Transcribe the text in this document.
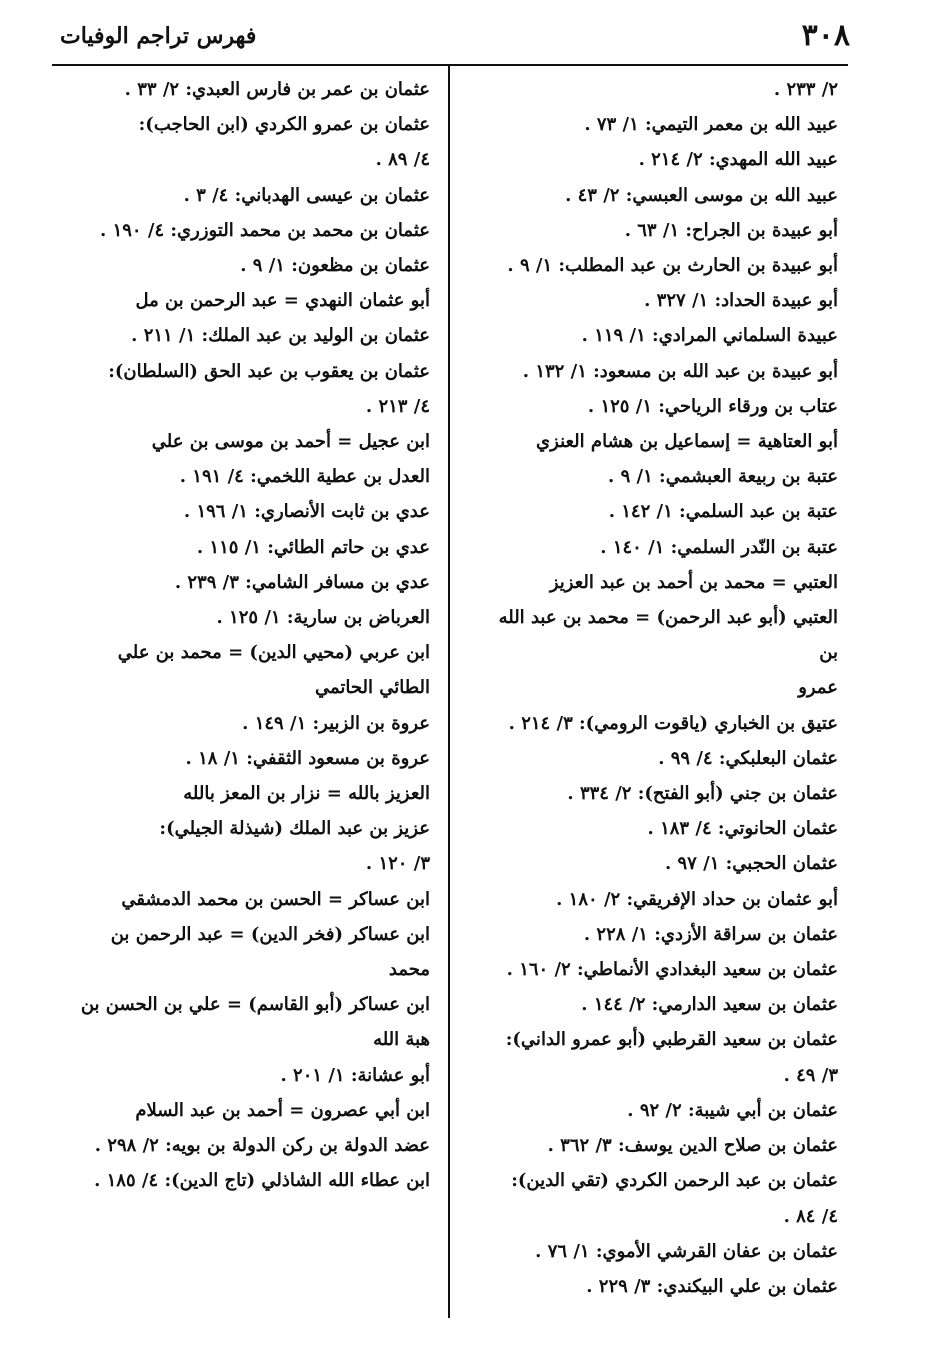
٣٠٨
فهرس تراجم الوفيات
٢/ ٢٣٣ .
عبيد الله بن معمر التيمي: ١/ ٧٣ .
عبيد الله المهدي: ٢/ ٢١٤ .
عبيد الله بن موسى العبسي: ٢/ ٤٣ .
أبو عبيدة بن الجراح: ١/ ٦٣ .
أبو عبيدة بن الحارث بن عبد المطلب: ١/ ٩ .
أبو عبيدة الحداد: ١/ ٣٢٧ .
عبيدة السلماني المرادي: ١/ ١١٩ .
أبو عبيدة بن عبد الله بن مسعود: ١/ ١٣٢ .
عتاب بن ورقاء الرياحي: ١/ ١٢٥ .
أبو العتاهية = إسماعيل بن هشام العنزي
عتبة بن ربيعة العبشمي: ١/ ٩ .
عتبة بن عبد السلمي: ١/ ١٤٢ .
عتبة بن النّدر السلمي: ١/ ١٤٠ .
العتبي = محمد بن أحمد بن عبد العزيز
العتبي (أبو عبد الرحمن) = محمد بن عبد الله بن
عمرو
عتيق بن الخباري (ياقوت الرومي): ٣/ ٢١٤ .
عثمان البعلبكي: ٤/ ٩٩ .
عثمان بن جني (أبو الفتح): ٢/ ٣٣٤ .
عثمان الحانوتي: ٤/ ١٨٣ .
عثمان الحجبي: ١/ ٩٧ .
أبو عثمان بن حداد الإفريقي: ٢/ ١٨٠ .
عثمان بن سراقة الأزدي: ١/ ٢٢٨ .
عثمان بن سعيد البغدادي الأنماطي: ٢/ ١٦٠ .
عثمان بن سعيد الدارمي: ٢/ ١٤٤ .
عثمان بن سعيد القرطبي (أبو عمرو الداني):
٣/ ٤٩ .
عثمان بن أبي شيبة: ٢/ ٩٢ .
عثمان بن صلاح الدين يوسف: ٣/ ٣٦٢ .
عثمان بن عبد الرحمن الكردي (تقي الدين):
٤/ ٨٤ .
عثمان بن عفان القرشي الأموي: ١/ ٧٦ .
عثمان بن علي البيكندي: ٣/ ٢٢٩ .
عثمان بن عمر بن فارس العبدي: ٢/ ٣٣ .
عثمان بن عمرو الكردي (ابن الحاجب):
٤/ ٨٩ .
عثمان بن عيسى الهدباني: ٤/ ٣ .
عثمان بن محمد بن محمد التوزري: ٤/ ١٩٠ .
عثمان بن مظعون: ١/ ٩ .
أبو عثمان النهدي = عبد الرحمن بن مل
عثمان بن الوليد بن عبد الملك: ١/ ٢١١ .
عثمان بن يعقوب بن عبد الحق (السلطان):
٤/ ٢١٣ .
ابن عجيل = أحمد بن موسى بن علي
العدل بن عطية اللخمي: ٤/ ١٩١ .
عدي بن ثابت الأنصاري: ١/ ١٩٦ .
عدي بن حاتم الطائي: ١/ ١١٥ .
عدي بن مسافر الشامي: ٣/ ٢٣٩ .
العرباض بن سارية: ١/ ١٢٥ .
ابن عربي (محيي الدين) = محمد بن علي
الطائي الحاتمي
عروة بن الزبير: ١/ ١٤٩ .
عروة بن مسعود الثقفي: ١/ ١٨ .
العزيز بالله = نزار بن المعز بالله
عزيز بن عبد الملك (شيذلة الجيلي):
٣/ ١٢٠ .
ابن عساكر = الحسن بن محمد الدمشقي
ابن عساكر (فخر الدين) = عبد الرحمن بن
محمد
ابن عساكر (أبو القاسم) = علي بن الحسن بن
هبة الله
أبو عشانة: ١/ ٢٠١ .
ابن أبي عصرون = أحمد بن عبد السلام
عضد الدولة بن ركن الدولة بن بويه: ٢/ ٢٩٨ .
ابن عطاء الله الشاذلي (تاج الدين): ٤/ ١٨٥ .
